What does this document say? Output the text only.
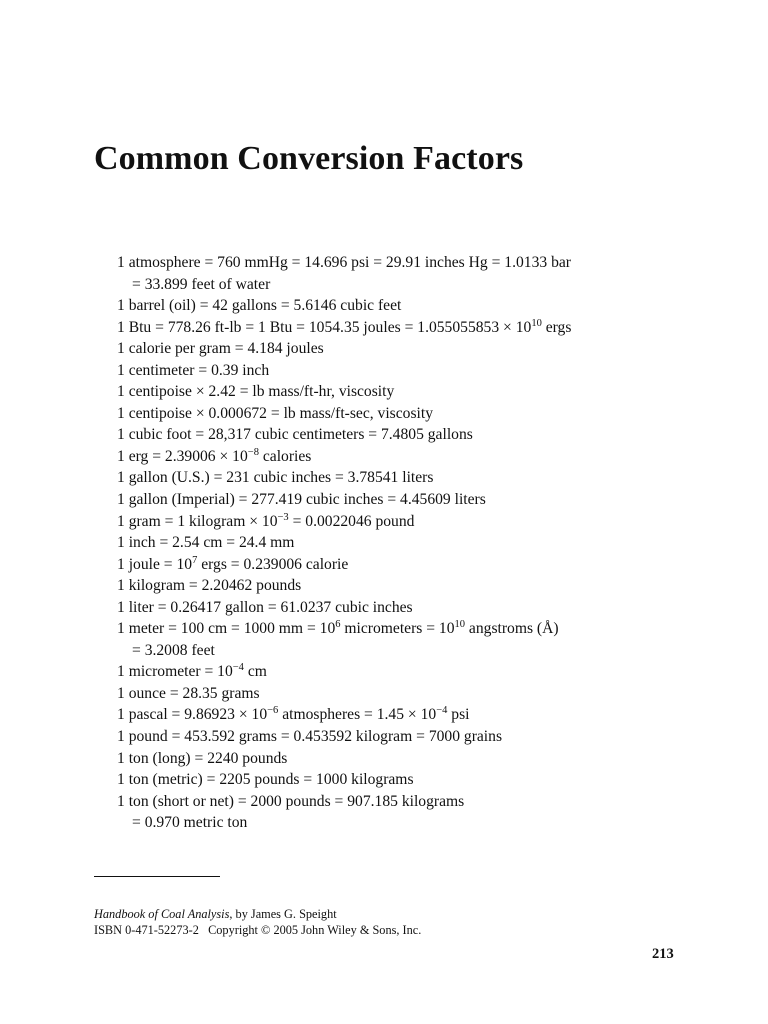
Common Conversion Factors
1 atmosphere = 760 mmHg = 14.696 psi = 29.91 inches Hg = 1.0133 bar
= 33.899 feet of water
1 barrel (oil) = 42 gallons = 5.6146 cubic feet
1 Btu = 778.26 ft-lb = 1 Btu = 1054.35 joules = $1.055055853 \times 10^{10}$ ergs
1 calorie per gram = 4.184 joules
1 centimeter = 0.39 inch
1 centipoise × 2.42 = lb mass/ft-hr, viscosity
1 centipoise × 0.000672 = lb mass/ft-sec, viscosity
1 cubic foot = 28,317 cubic centimeters = 7.4805 gallons
1 erg = $2.39006 \times 10^{-8}$ calories
1 gallon (U.S.) = 231 cubic inches = 3.78541 liters
1 gallon (Imperial) = 277.419 cubic inches = 4.45609 liters
1 gram = 1 kilogram × $10^{-3} = 0.0022046$ pound
1 inch = 2.54 cm = 24.4 mm
1 joule = $10^7$ ergs = 0.239006 calorie
1 kilogram = 2.20462 pounds
1 liter = 0.26417 gallon = 61.0237 cubic inches
1 meter = 100 cm = 1000 mm = $10^6$ micrometers = $10^{10}$ angstroms (Å)
= 3.2008 feet
1 micrometer = $10^{-4}$ cm
1 ounce = 28.35 grams
1 pascal = $9.86923 \times 10^{-6}$ atmospheres = $1.45 \times 10^{-4}$ psi
1 pound = 453.592 grams = 0.453592 kilogram = 7000 grains
1 ton (long) = 2240 pounds
1 ton (metric) = 2205 pounds = 1000 kilograms
1 ton (short or net) = 2000 pounds = 907.185 kilograms
= 0.970 metric ton
Handbook of Coal Analysis, by James G. Speight
ISBN 0-471-52273-2   Copyright © 2005 John Wiley & Sons, Inc.
213
